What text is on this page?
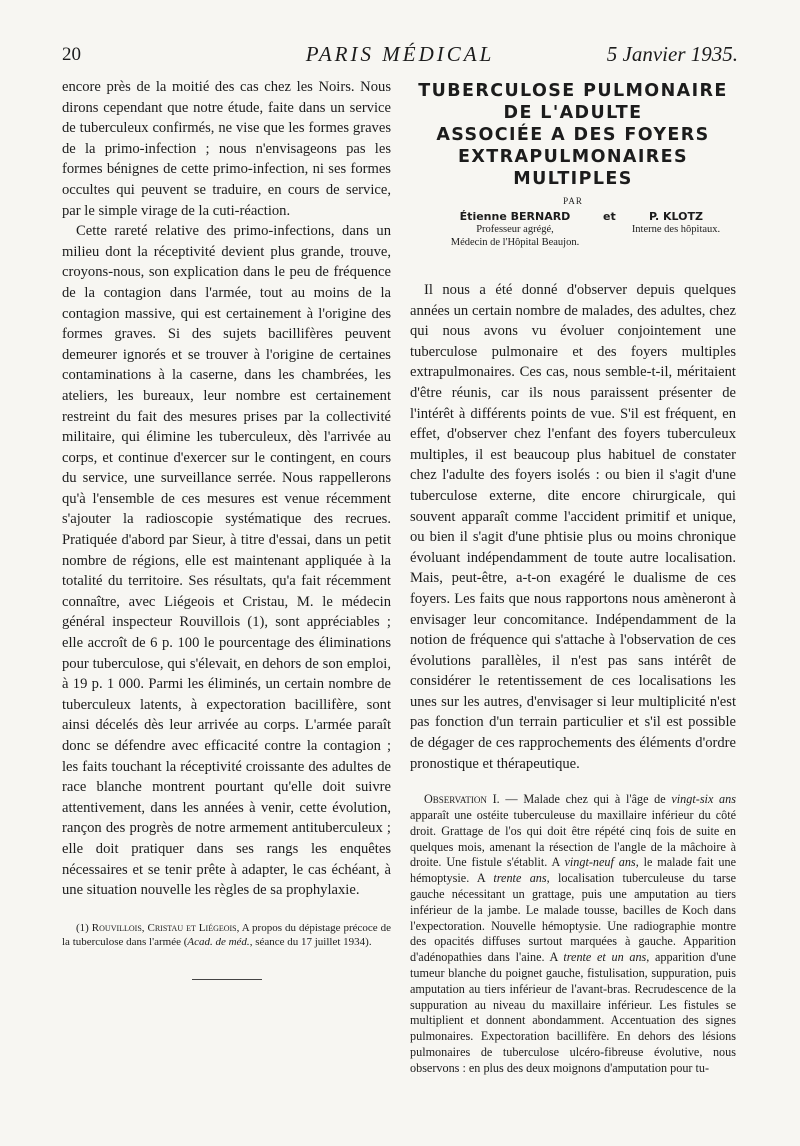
20	PARIS MÉDICAL	5 Janvier 1935.

encore près de la moitié des cas chez les Noirs. Nous dirons cependant que notre étude, faite dans un service de tuberculeux confirmés, ne vise que les formes graves de la primo-infection ; nous n'envisageons pas les formes bénignes de cette primo-infection, ni ses formes occultes qui peuvent se traduire, en cours de service, par le simple virage de la cuti-réaction.

Cette rareté relative des primo-infections, dans un milieu dont la réceptivité devient plus grande, trouve, croyons-nous, son explication dans le peu de fréquence de la contagion dans l'armée, tout au moins de la contagion massive, qui est certainement à l'origine des formes graves. Si des sujets bacillifères peuvent demeurer ignorés et se trouver à l'origine de certaines contaminations à la caserne, dans les chambrées, les ateliers, les bureaux, leur nombre est certainement restreint du fait des mesures prises par la collectivité militaire, qui élimine les tuberculeux, dès l'arrivée au corps, et continue d'exercer sur le contingent, en cours du service, une surveillance serrée. Nous rappellerons qu'à l'ensemble de ces mesures est venue récemment s'ajouter la radioscopie systématique des recrues. Pratiquée d'abord par Sieur, à titre d'essai, dans un petit nombre de régions, elle est maintenant appliquée à la totalité du territoire. Ses résultats, qu'a fait récemment connaître, avec Liégeois et Cristau, M. le médecin général inspecteur Rouvillois (1), sont appréciables ; elle accroît de 6 p. 100 le pourcentage des éliminations pour tuberculose, qui s'élevait, en dehors de son emploi, à 19 p. 1 000. Parmi les éliminés, un certain nombre de tuberculeux latents, à expectoration bacillifère, sont ainsi décelés dès leur arrivée au corps. L'armée paraît donc se défendre avec efficacité contre la contagion ; les faits touchant la réceptivité croissante des adultes de race blanche montrent pourtant qu'elle doit suivre attentivement, dans les années à venir, cette évolution, rançon des progrès de notre armement antituberculeux ; elle doit pratiquer dans ses rangs les enquêtes nécessaires et se tenir prête à adapter, le cas échéant, à une situation nouvelle les règles de sa prophylaxie.

(1) Rouvillois, Cristau et Liégeois, A propos du dépistage précoce de la tuberculose dans l'armée (Acad. de méd., séance du 17 juillet 1934).

TUBERCULOSE PULMONAIRE

DE L'ADULTE

ASSOCIÉE A DES FOYERS

EXTRAPULMONAIRES

MULTIPLES

PAR
Étienne BERNARD
Professeur agrégé,
Médecin de l'Hôpital Beaujon.
et	P. KLOTZ
Interne des hôpitaux.

Il nous a été donné d'observer depuis quelques années un certain nombre de malades, des adultes, chez qui nous avons vu évoluer conjointement une tuberculose pulmonaire et des foyers multiples extrapulmonaires. Ces cas, nous semble-t-il, méritaient d'être réunis, car ils nous paraissent présenter de l'intérêt à différents points de vue. S'il est fréquent, en effet, d'observer chez l'enfant des foyers tuberculeux multiples, il est beaucoup plus habituel de constater chez l'adulte des foyers isolés : ou bien il s'agit d'une tuberculose externe, dite encore chirurgicale, qui souvent apparaît comme l'accident primitif et unique, ou bien il s'agit d'une phtisie plus ou moins chronique évoluant indépendamment de toute autre localisation. Mais, peut-être, a-t-on exagéré le dualisme de ces foyers. Les faits que nous rapportons nous amèneront à envisager leur concomitance. Indépendamment de la notion de fréquence qui s'attache à l'observation de ces évolutions parallèles, il n'est pas sans intérêt de considérer le retentissement de ces localisations les unes sur les autres, d'envisager si leur multiplicité n'est pas fonction d'un terrain particulier et s'il est possible de dégager de ces rapprochements des éléments d'ordre pronostique et thérapeutique.

Observation I. — Malade chez qui à l'âge de vingt-six ans apparaît une ostéite tuberculeuse du maxillaire inférieur du côté droit. Grattage de l'os qui doit être répété cinq fois de suite en quelques mois, amenant la résection de l'angle de la mâchoire à droite. Une fistule s'établit. A vingt-neuf ans, le malade fait une hémoptysie. A trente ans, localisation tuberculeuse du tarse gauche nécessitant un grattage, puis une amputation au tiers inférieur de la jambe. Le malade tousse, bacilles de Koch dans l'expectoration. Nouvelle hémoptysie. Une radiographie montre des opacités diffuses surtout marquées à gauche. Apparition d'adénopathies dans l'aine. A trente et un ans, apparition d'une tumeur blanche du poignet gauche, fistulisation, suppuration, puis amputation au tiers inférieur de l'avant-bras. Recrudescence de la suppuration au niveau du maxillaire inférieur. Les fistules se multiplient et donnent abondamment. Accentuation des signes pulmonaires. Expectoration bacillifère. En dehors des lésions pulmonaires de tuberculose ulcéro-fibreuse évolutive, nous observons : en plus des deux moignons d'amputation pour tu-
